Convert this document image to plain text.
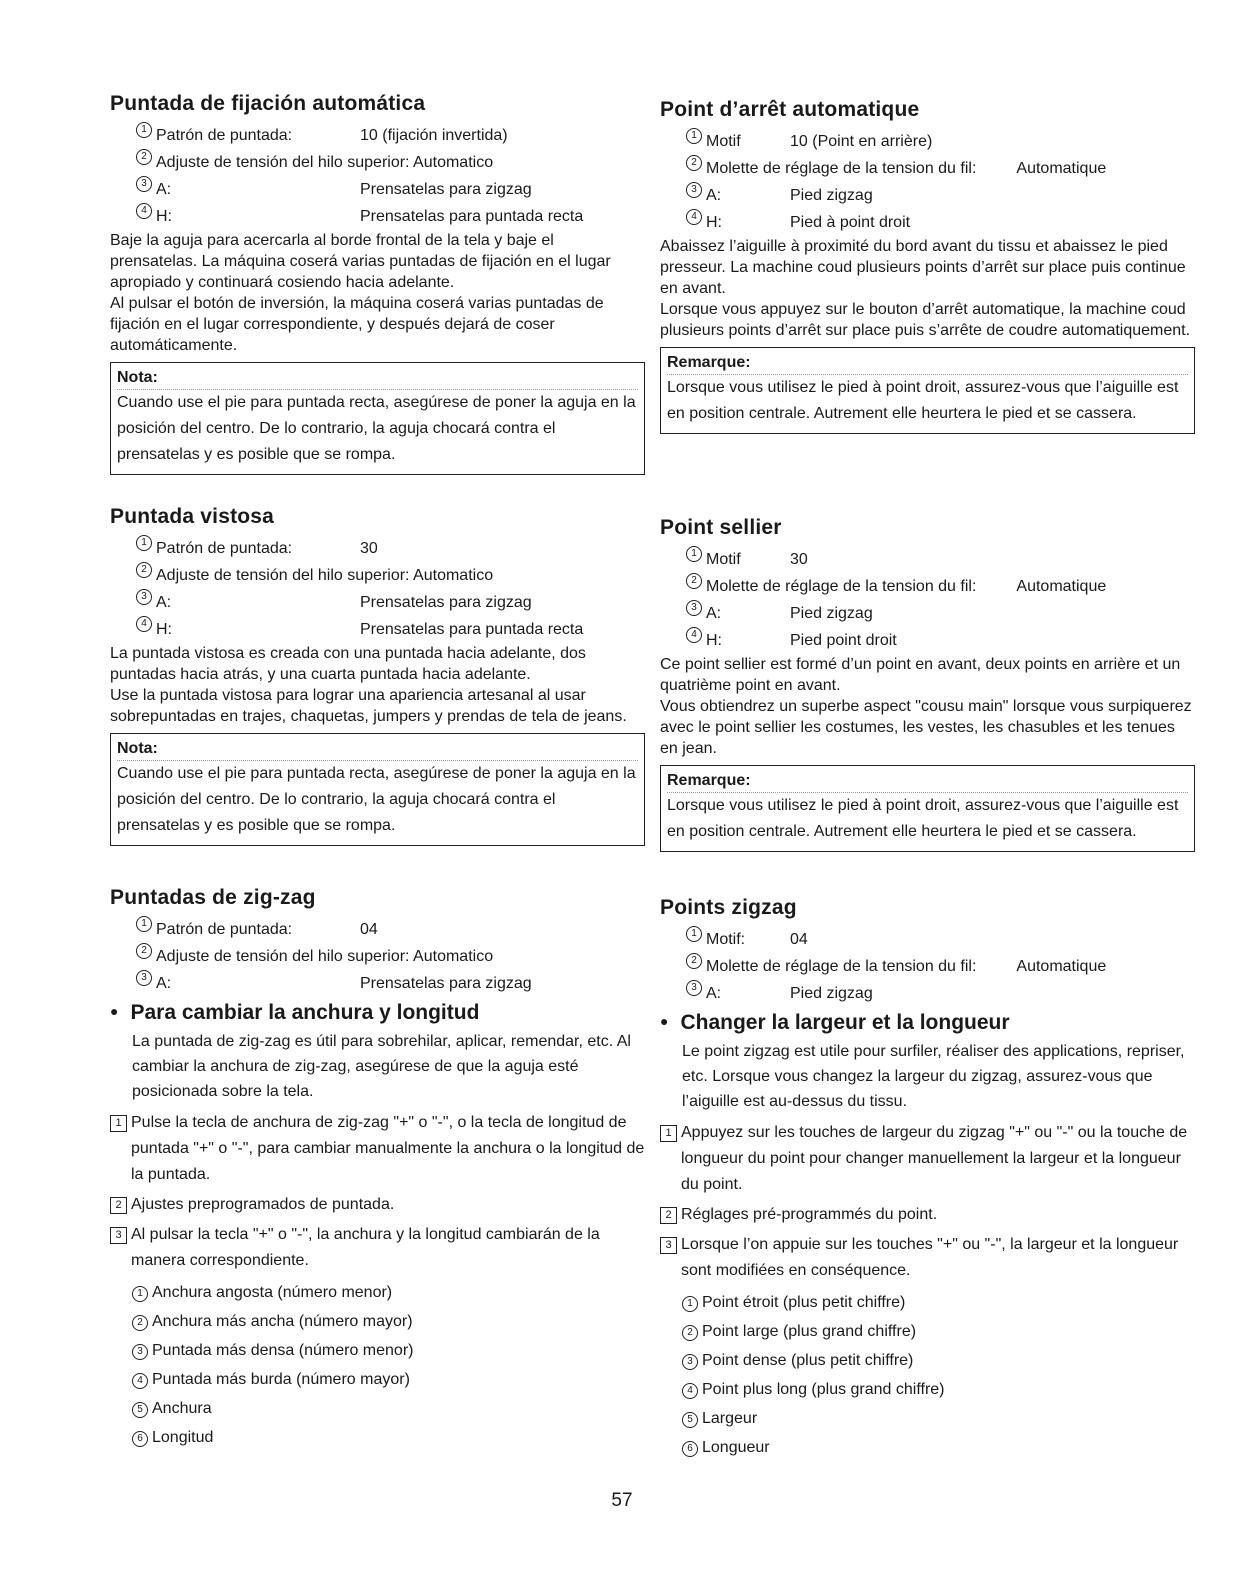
Puntada de fijación automática
1 Patrón de puntada:	10 (fijación invertida)
2 Adjuste de tensión del hilo superior: Automatico
3 A:	Prensatelas para zigzag
4 H:	Prensatelas para puntada recta

Baje la aguja para acercarla al borde frontal de la tela y baje el prensatelas. La máquina coserá varias puntadas de fijación en el lugar apropiado y continuará cosiendo hacia adelante.
Al pulsar el botón de inversión, la máquina coserá varias puntadas de fijación en el lugar correspondiente, y después dejará de coser automáticamente.

Nota:
Cuando use el pie para puntada recta, asegúrese de poner la aguja en la posición del centro. De lo contrario, la aguja chocará contra el prensatelas y es posible que se rompa.
Puntada vistosa
1 Patrón de puntada:	30
2 Adjuste de tensión del hilo superior: Automatico
3 A:	Prensatelas para zigzag
4 H:	Prensatelas para puntada recta

La puntada vistosa es creada con una puntada hacia adelante, dos puntadas hacia atrás, y una cuarta puntada hacia adelante.
Use la puntada vistosa para lograr una apariencia artesanal al usar sobrepuntadas en trajes, chaquetas, jumpers y prendas de tela de jeans.

Nota:
Cuando use el pie para puntada recta, asegúrese de poner la aguja en la posición del centro. De lo contrario, la aguja chocará contra el prensatelas y es posible que se rompa.
Puntadas de zig-zag
1 Patrón de puntada:	04
2 Adjuste de tensión del hilo superior: Automatico
3 A:	Prensatelas para zigzag
● Para cambiar la anchura y longitud
La puntada de zig-zag es útil para sobrehilar, aplicar, remendar, etc. Al cambiar la anchura de zig-zag, asegúrese de que la aguja esté posicionada sobre la tela.
1 Pulse la tecla de anchura de zig-zag "+" o "-", o la tecla de longitud de puntada "+" o "-", para cambiar manualmente la anchura o la longitud de la puntada.
2 Ajustes preprogramados de puntada.
3 Al pulsar la tecla "+" o "-", la anchura y la longitud cambiarán de la manera correspondiente.
1 Anchura angosta (número menor)
2 Anchura más ancha (número mayor)
3 Puntada más densa (número menor)
4 Puntada más burda (número mayor)
5 Anchura
6 Longitud
Point d’arrêt automatique
1 Motif	10 (Point en arrière)
2 Molette de réglage de la tension du fil:	Automatique
3 A:	Pied zigzag
4 H:	Pied à point droit

Abaissez l’aiguille à proximité du bord avant du tissu et abaissez le pied presseur. La machine coud plusieurs points d’arrêt sur place puis continue en avant.
Lorsque vous appuyez sur le bouton d’arrêt automatique, la machine coud plusieurs points d’arrêt sur place puis s’arrête de coudre automatiquement.

Remarque:
Lorsque vous utilisez le pied à point droit, assurez-vous que l’aiguille est en position centrale. Autrement elle heurtera le pied et se cassera.
Point sellier
1 Motif	30
2 Molette de réglage de la tension du fil:	Automatique
3 A:	Pied zigzag
4 H:	Pied point droit

Ce point sellier est formé d’un point en avant, deux points en arrière et un quatrième point en avant.
Vous obtiendrez un superbe aspect "cousu main" lorsque vous surpiquerez avec le point sellier les costumes, les vestes, les chasubles et les tenues en jean.

Remarque:
Lorsque vous utilisez le pied à point droit, assurez-vous que l’aiguille est en position centrale. Autrement elle heurtera le pied et se cassera.
Points zigzag
1 Motif:	04
2 Molette de réglage de la tension du fil:	Automatique
3 A:	Pied zigzag
● Changer la largeur et la longueur
Le point zigzag est utile pour surfiler, réaliser des applications, repriser, etc. Lorsque vous changez la largeur du zigzag, assurez-vous que l’aiguille est au-dessus du tissu.
1 Appuyez sur les touches de largeur du zigzag "+" ou "-" ou la touche de longueur du point pour changer manuellement la largeur et la longueur du point.
2 Réglages pré-programmés du point.
3 Lorsque l’on appuie sur les touches "+" ou "-", la largeur et la longueur sont modifiées en conséquence.
1 Point étroit (plus petit chiffre)
2 Point large (plus grand chiffre)
3 Point dense (plus petit chiffre)
4 Point plus long (plus grand chiffre)
5 Largeur
6 Longueur
57
